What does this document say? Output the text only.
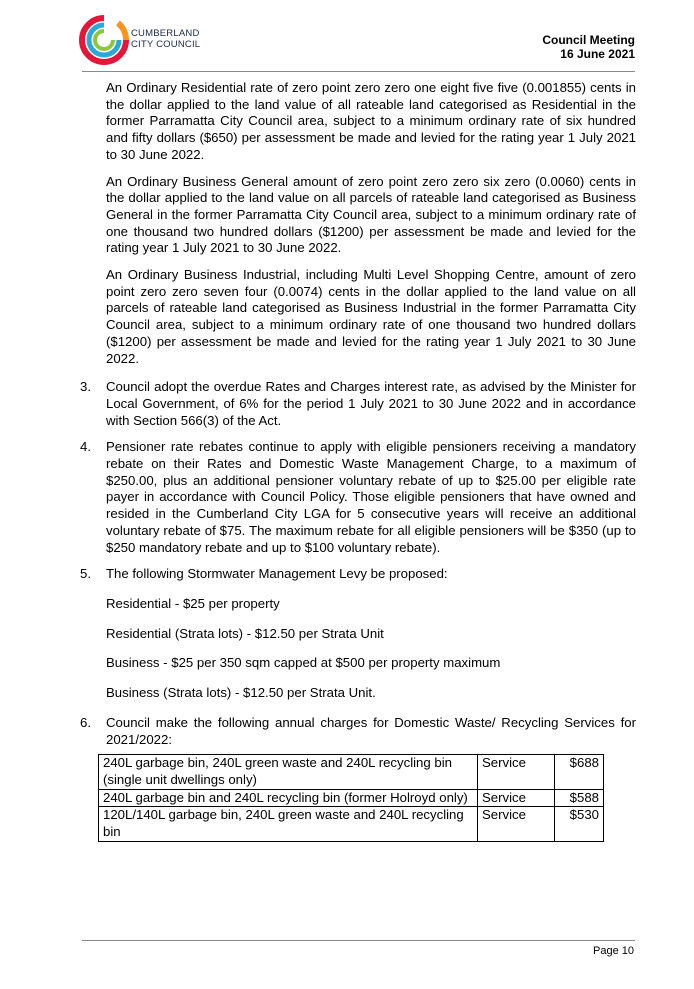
CUMBERLAND
CITY COUNCIL	Council Meeting
16 June 2021

An Ordinary Residential rate of zero point zero zero one eight five five (0.001855) cents in the dollar applied to the land value of all rateable land categorised as Residential in the former Parramatta City Council area, subject to a minimum ordinary rate of six hundred and fifty dollars ($650) per assessment be made and levied for the rating year 1 July 2021 to 30 June 2022.

An Ordinary Business General amount of zero point zero zero six zero (0.0060) cents in the dollar applied to the land value on all parcels of rateable land categorised as Business General in the former Parramatta City Council area, subject to a minimum ordinary rate of one thousand two hundred dollars ($1200) per assessment be made and levied for the rating year 1 July 2021 to 30 June 2022.

An Ordinary Business Industrial, including Multi Level Shopping Centre, amount of zero point zero zero seven four (0.0074) cents in the dollar applied to the land value on all parcels of rateable land categorised as Business Industrial in the former Parramatta City Council area, subject to a minimum ordinary rate of one thousand two hundred dollars ($1200) per assessment be made and levied for the rating year 1 July 2021 to 30 June 2022.

3.	Council adopt the overdue Rates and Charges interest rate, as advised by the Minister for Local Government, of 6% for the period 1 July 2021 to 30 June 2022 and in accordance with Section 566(3) of the Act.
4.	Pensioner rate rebates continue to apply with eligible pensioners receiving a mandatory rebate on their Rates and Domestic Waste Management Charge, to a maximum of $250.00, plus an additional pensioner voluntary rebate of up to $25.00 per eligible rate payer in accordance with Council Policy. Those eligible pensioners that have owned and resided in the Cumberland City LGA for 5 consecutive years will receive an additional voluntary rebate of $75. The maximum rebate for all eligible pensioners will be $350 (up to $250 mandatory rebate and up to $100 voluntary rebate).
5.	The following Stormwater Management Levy be proposed:

Residential - $25 per property

Residential (Strata lots) - $12.50 per Strata Unit

Business - $25 per 350 sqm capped at $500 per property maximum

Business (Strata lots) - $12.50 per Strata Unit.

6.	Council make the following annual charges for Domestic Waste/ Recycling Services for 2021/2022:
240L garbage bin, 240L green waste and 240L recycling bin (single unit dwellings only)	Service	$688
240L garbage bin and 240L recycling bin (former Holroyd only)	Service	$588
120L/140L garbage bin, 240L green waste and 240L recycling bin	Service	$530
Page 10
